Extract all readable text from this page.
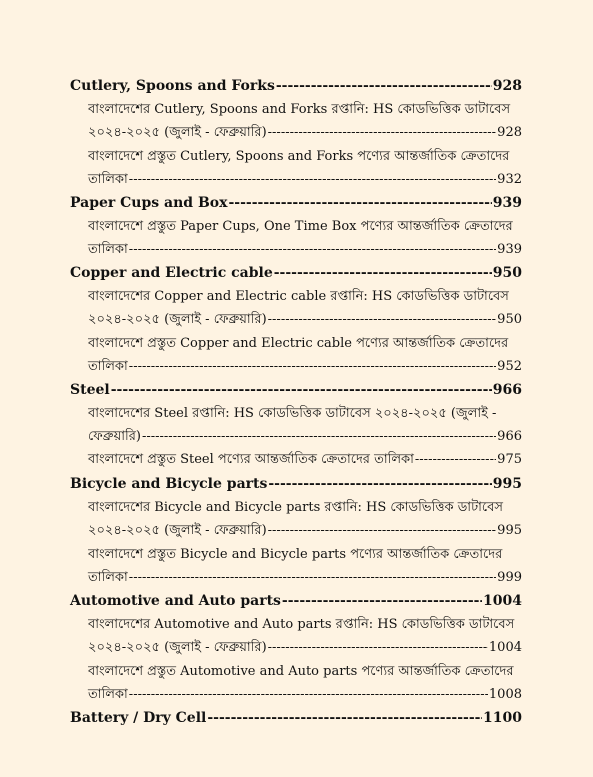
Cutlery, Spoons and Forks -----	928
বাংলাদেশের Cutlery, Spoons and Forks রপ্তানি: HS কোডভিত্তিক ডাটাবেস
২০২৪-২০২৫ (জুলাই - ফেব্রুয়ারি) -----	928
বাংলাদেশে প্রস্তুত Cutlery, Spoons and Forks পণ্যের আন্তর্জাতিক ক্রেতাদের
তালিকা -----	932
Paper Cups and Box -----	939
বাংলাদেশে প্রস্তুত Paper Cups, One Time Box পণ্যের আন্তর্জাতিক ক্রেতাদের
তালিকা -----	939
Copper and Electric cable -----	950
বাংলাদেশের Copper and Electric cable রপ্তানি: HS কোডভিত্তিক ডাটাবেস
২০২৪-২০২৫ (জুলাই - ফেব্রুয়ারি) -----	950
বাংলাদেশে প্রস্তুত Copper and Electric cable পণ্যের আন্তর্জাতিক ক্রেতাদের
তালিকা -----	952
Steel -----	966
বাংলাদেশের Steel রপ্তানি: HS কোডভিত্তিক ডাটাবেস ২০২৪-২০২৫ (জুলাই -
ফেব্রুয়ারি) -----	966
বাংলাদেশে প্রস্তুত Steel পণ্যের আন্তর্জাতিক ক্রেতাদের তালিকা -----	975
Bicycle and Bicycle parts -----	995
বাংলাদেশের Bicycle and Bicycle parts রপ্তানি: HS কোডভিত্তিক ডাটাবেস
২০২৪-২০২৫ (জুলাই - ফেব্রুয়ারি) -----	995
বাংলাদেশে প্রস্তুত Bicycle and Bicycle parts পণ্যের আন্তর্জাতিক ক্রেতাদের
তালিকা -----	999
Automotive and Auto parts -----	1004
বাংলাদেশের Automotive and Auto parts রপ্তানি: HS কোডভিত্তিক ডাটাবেস
২০২৪-২০২৫ (জুলাই - ফেব্রুয়ারি) -----	1004
বাংলাদেশে প্রস্তুত Automotive and Auto parts পণ্যের আন্তর্জাতিক ক্রেতাদের
তালিকা -----	1008
Battery / Dry Cell -----	1100
